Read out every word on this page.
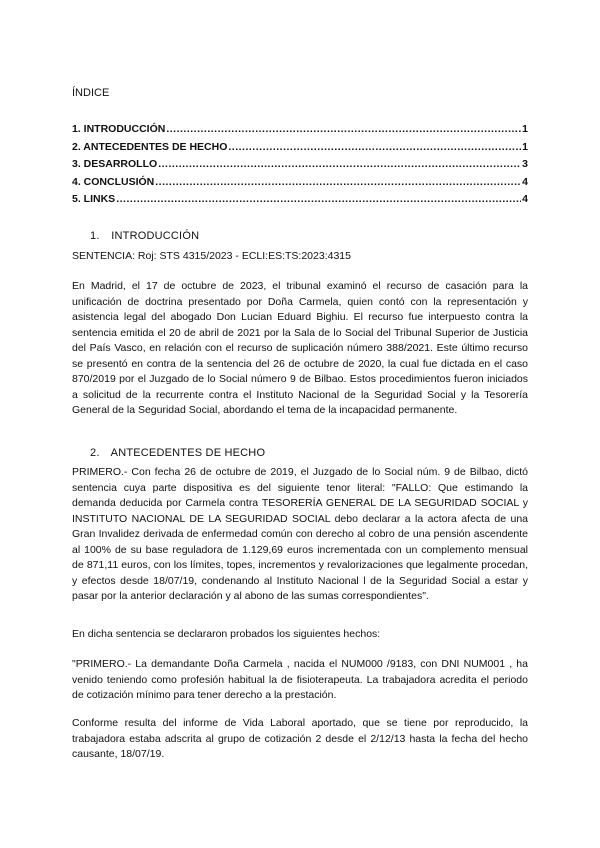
ÍNDICE
1. INTRODUCCIÓN .....	1
2. ANTECEDENTES DE HECHO .....	1
3. DESARROLLO .....	3
4. CONCLUSIÓN .....	4
5. LINKS .....	4
1. INTRODUCCIÓN

SENTENCIA: Roj: STS 4315/2023 - ECLI:ES:TS:2023:4315

En Madrid, el 17 de octubre de 2023, el tribunal examinó el recurso de casación para la unificación de doctrina presentado por Doña Carmela, quien contó con la representación y asistencia legal del abogado Don Lucian Eduard Bighiu. El recurso fue interpuesto contra la sentencia emitida el 20 de abril de 2021 por la Sala de lo Social del Tribunal Superior de Justicia del País Vasco, en relación con el recurso de suplicación número 388/2021. Este último recurso se presentó en contra de la sentencia del 26 de octubre de 2020, la cual fue dictada en el caso 870/2019 por el Juzgado de lo Social número 9 de Bilbao. Estos procedimientos fueron iniciados a solicitud de la recurrente contra el Instituto Nacional de la Seguridad Social y la Tesorería General de la Seguridad Social, abordando el tema de la incapacidad permanente.

2. ANTECEDENTES DE HECHO

PRIMERO.- Con fecha 26 de octubre de 2019, el Juzgado de lo Social núm. 9 de Bilbao, dictó sentencia cuya parte dispositiva es del siguiente tenor literal: "FALLO: Que estimando la demanda deducida por Carmela contra TESORERÍA GENERAL DE LA SEGURIDAD SOCIAL y INSTITUTO NACIONAL DE LA SEGURIDAD SOCIAL debo declarar a la actora afecta de una Gran Invalidez derivada de enfermedad común con derecho al cobro de una pensión ascendente al 100% de su base reguladora de 1.129,69 euros incrementada con un complemento mensual de 871,11 euros, con los límites, topes, incrementos y revalorizaciones que legalmente procedan, y efectos desde 18/07/19, condenando al Instituto Nacional l de la Seguridad Social a estar y pasar por la anterior declaración y al abono de las sumas correspondientes".

En dicha sentencia se declararon probados los siguientes hechos:

"PRIMERO.- La demandante Doña Carmela , nacida el NUM000 /9183, con DNI NUM001 , ha venido teniendo como profesión habitual la de fisioterapeuta. La trabajadora acredita el periodo de cotización mínimo para tener derecho a la prestación.

Conforme resulta del informe de Vida Laboral aportado, que se tiene por reproducido, la trabajadora estaba adscrita al grupo de cotización 2 desde el 2/12/13 hasta la fecha del hecho causante, 18/07/19.
